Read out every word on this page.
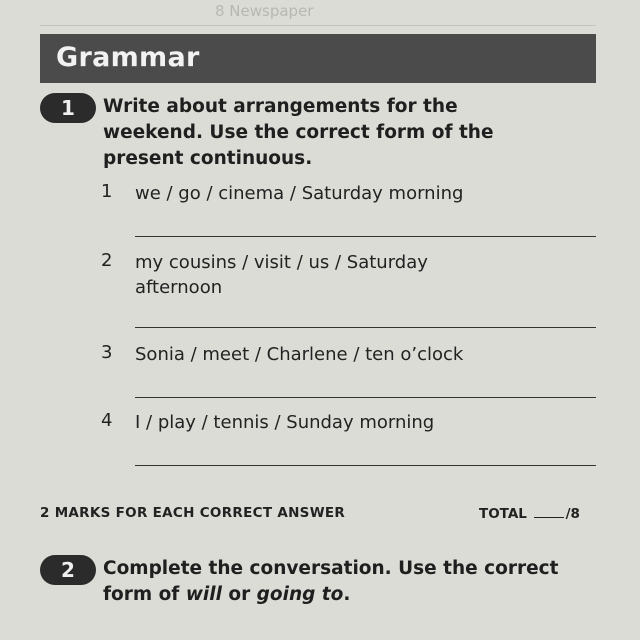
8 Newspaper
Grammar
1	Write about arrangements for the
weekend. Use the correct form of the
present continuous.
1 we / go / cinema / Saturday morning
2 my cousins / visit / us / Saturday
afternoon
3 Sonia / meet / Charlene / ten o’clock
4 I / play / tennis / Sunday morning
2 MARKS FOR EACH CORRECT ANSWER	TOTAL	/8
2	Complete the conversation. Use the correct
form of will or going to.
